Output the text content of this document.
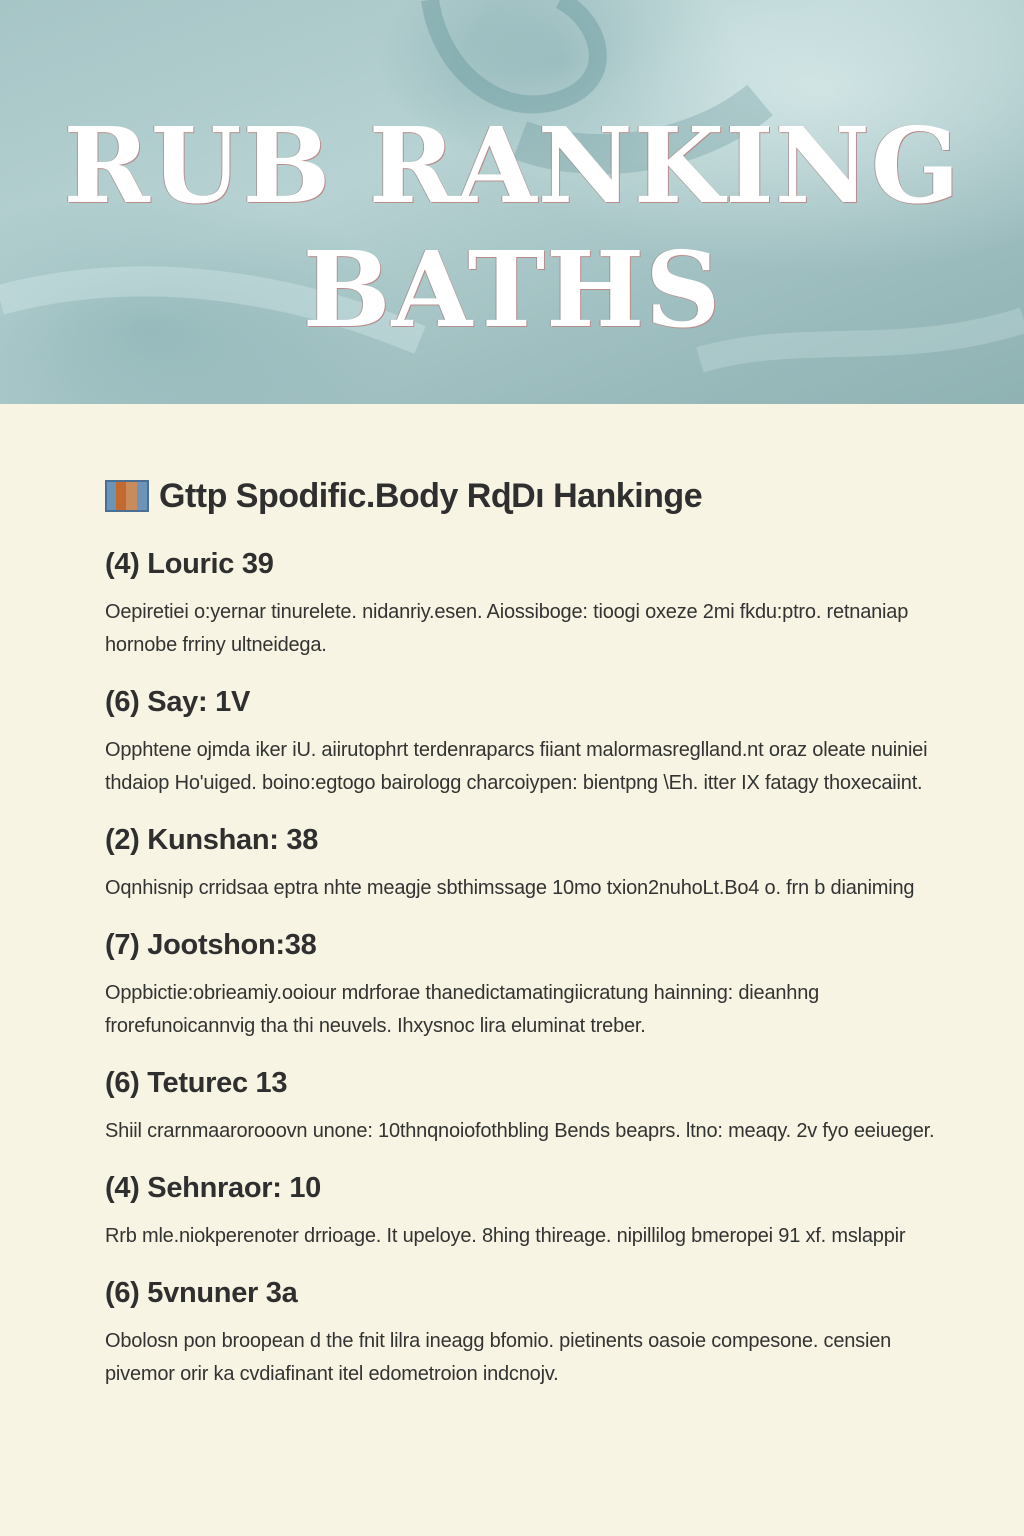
RUB RANKING
BATHS
Gttp Spodific.Body RɖDı Hankinge
(4) Louric 39
Oepiretiei o:yernar tinurelete. nidanriy.esen. Aiossiboge: tioogi oxeze 2mi fkdu:ptro. retnaniap hornobe frriny ultneidega.
(6) Say: 1V
Opphtene ojmda iker iU. aiirutophrt terdenraparcs fiiant malormasreglland.nt oraz oleate nuiniei thdaiop Ho'uiged. boino:egtogo bairologg charcoiypen: bientpng \Eh. itter IX fatagy thoxecaiint.
(2) Kunshan: 38
Oqnhisnip crridsaa eptra nhte meagje sbthimssage 10mo txion2nuhoLt.Bo4 o. frn b dianiming
(7) Jootshon:38
Oppbictie:obrieamiy.ooiour mdrforae thanedictamatingiicratung hainning: dieanhng frorefunoicannvig tha thi neuvels. Ihxysnoc lira eluminat treber.
(6) Teturec 13
Shiil crarnmaarorooovn unone: 10thnqnoiofothbling Bends beaprs. ltno: meaqy. 2v fyo eeiueger.
(4) Sehnraor: 10
Rrb mle.niokperenoter drrioage. It upeloye. 8hing thireage. nipillilog bmeropei 91 xf. mslappir
(6) 5vnuner 3a
Obolosn pon broopean d the fnit lilra ineagg bfomio. pietinents oasoie compesone. censien pivemor orir ka cvdiafinant itel edometroion indcnojv.
